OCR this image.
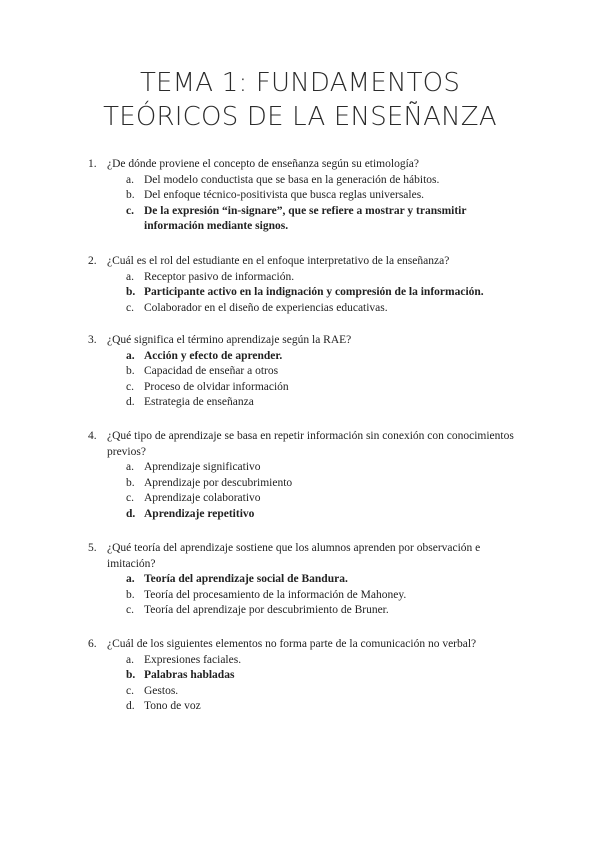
TEMA 1: FUNDAMENTOS
TEÓRICOS DE LA ENSEÑANZA
1. ¿De dónde proviene el concepto de enseñanza según su etimología?
a. Del modelo conductista que se basa en la generación de hábitos.
b. Del enfoque técnico-positivista que busca reglas universales.
c. De la expresión “in-signare”, que se refiere a mostrar y transmitir información mediante signos.
2. ¿Cuál es el rol del estudiante en el enfoque interpretativo de la enseñanza?
a. Receptor pasivo de información.
b. Participante activo en la indignación y compresión de la información.
c. Colaborador en el diseño de experiencias educativas.
3. ¿Qué significa el término aprendizaje según la RAE?
a. Acción y efecto de aprender.
b. Capacidad de enseñar a otros
c. Proceso de olvidar información
d. Estrategia de enseñanza
4. ¿Qué tipo de aprendizaje se basa en repetir información sin conexión con conocimientos previos?
a. Aprendizaje significativo
b. Aprendizaje por descubrimiento
c. Aprendizaje colaborativo
d. Aprendizaje repetitivo
5. ¿Qué teoría del aprendizaje sostiene que los alumnos aprenden por observación e imitación?
a. Teoría del aprendizaje social de Bandura.
b. Teoría del procesamiento de la información de Mahoney.
c. Teoría del aprendizaje por descubrimiento de Bruner.
6. ¿Cuál de los siguientes elementos no forma parte de la comunicación no verbal?
a. Expresiones faciales.
b. Palabras habladas
c. Gestos.
d. Tono de voz
